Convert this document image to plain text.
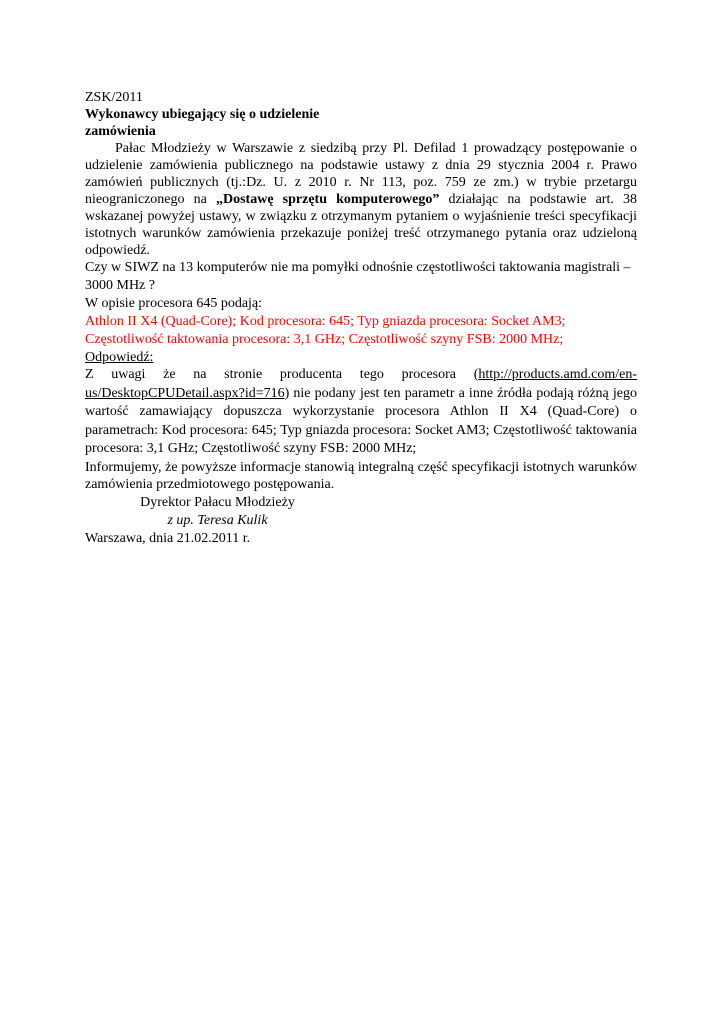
ZSK/2011
Wykonawcy ubiegający się o udzielenie zamówienia
Pałac Młodzieży w Warszawie z siedzibą przy Pl. Defilad 1 prowadzący postępowanie o udzielenie zamówienia publicznego na podstawie ustawy z dnia 29 stycznia 2004 r. Prawo zamówień publicznych (tj.:Dz. U. z 2010 r. Nr 113, poz. 759 ze zm.) w trybie przetargu nieograniczonego na „Dostawę sprzętu komputerowego” działając na podstawie art. 38 wskazanej powyżej ustawy, w związku z otrzymanym pytaniem o wyjaśnienie treści specyfikacji istotnych warunków zamówienia przekazuje poniżej treść otrzymanego pytania oraz udzieloną odpowiedź.
Czy w SIWZ na 13 komputerów nie ma pomyłki odnośnie częstotliwości taktowania magistrali – 3000 MHz ?
W opisie procesora 645 podają:
Athlon II X4 (Quad-Core); Kod procesora: 645; Typ gniazda procesora: Socket AM3; Częstotliwość taktowania procesora: 3,1 GHz; Częstotliwość szyny FSB: 2000 MHz;
Odpowiedź:
Z uwagi że na stronie producenta tego procesora (http://products.amd.com/en-us/DesktopCPUDetail.aspx?id=716) nie podany jest ten parametr a inne źródła podają różną jego wartość zamawiający dopuszcza wykorzystanie procesora Athlon II X4 (Quad-Core) o parametrach: Kod procesora: 645; Typ gniazda procesora: Socket AM3; Częstotliwość taktowania procesora: 3,1 GHz; Częstotliwość szyny FSB: 2000 MHz;
Informujemy, że powyższe informacje stanowią integralną część specyfikacji istotnych warunków zamówienia przedmiotowego postępowania.
Dyrektor Pałacu Młodzieży
z up. Teresa Kulik
Warszawa, dnia 21.02.2011 r.
